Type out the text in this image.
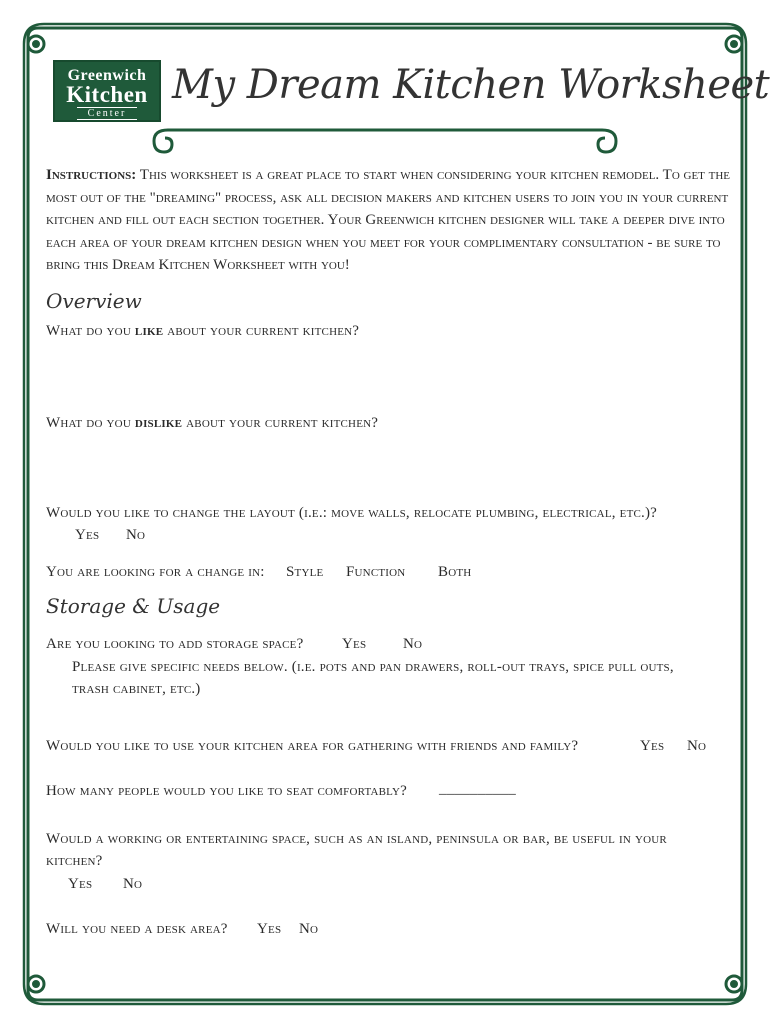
Greenwich
Kitchen
Center
My Dream Kitchen Worksheet
Instructions: This worksheet is a great place to start when considering your kitchen remodel. To get the most out of the "dreaming" process, ask all decision makers and kitchen users to join you in your current kitchen and fill out each section together. Your Greenwich kitchen designer will take a deeper dive into each area of your dream kitchen design when you meet for your complimentary consultation - be sure to bring this Dream Kitchen Worksheet with you!
Overview
What do you like about your current kitchen?
What do you dislike about your current kitchen?
Would you like to change the layout (i.e.: move walls, relocate plumbing, electrical, etc.)?
Yes No
You are looking for a change in: Style Function Both
Storage & Usage
Are you looking to add storage space?	Yes No
Please give specific needs below. (i.e. pots and pan drawers, roll-out trays, spice pull outs,
trash cabinet, etc.)
Would you like to use your kitchen area for gathering with friends and family?	Yes No
How many people would you like to seat comfortably? __________
Would a working or entertaining space, such as an island, peninsula or bar, be useful in your
kitchen?
Yes No
Will you need a desk area? Yes No
